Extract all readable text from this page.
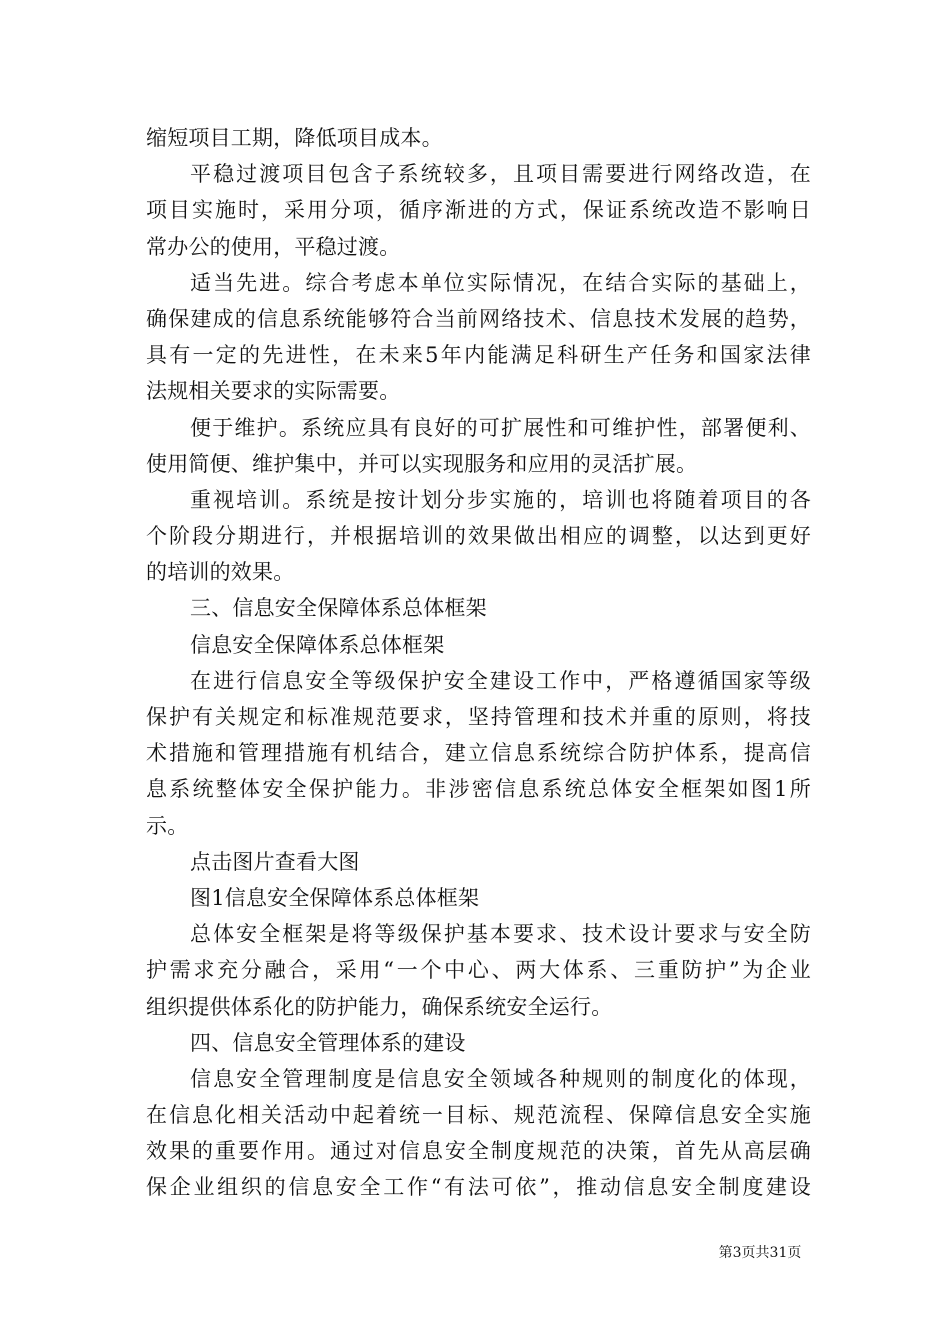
缩短项目工期，降低项目成本。
平稳过渡项目包含子系统较多，且项目需要进行网络改造，在
项目实施时，采用分项，循序渐进的方式，保证系统改造不影响日
常办公的使用，平稳过渡。
适当先进。综合考虑本单位实际情况，在结合实际的基础上，
确保建成的信息系统能够符合当前网络技术、信息技术发展的趋势，
具有一定的先进性，在未来5年内能满足科研生产任务和国家法律
法规相关要求的实际需要。
便于维护。系统应具有良好的可扩展性和可维护性，部署便利、
使用简便、维护集中，并可以实现服务和应用的灵活扩展。
重视培训。系统是按计划分步实施的，培训也将随着项目的各
个阶段分期进行，并根据培训的效果做出相应的调整，以达到更好
的培训的效果。
三、信息安全保障体系总体框架
信息安全保障体系总体框架
在进行信息安全等级保护安全建设工作中，严格遵循国家等级
保护有关规定和标准规范要求，坚持管理和技术并重的原则，将技
术措施和管理措施有机结合，建立信息系统综合防护体系，提高信
息系统整体安全保护能力。非涉密信息系统总体安全框架如图1所
示。
点击图片查看大图
图1信息安全保障体系总体框架
总体安全框架是将等级保护基本要求、技术设计要求与安全防
护需求充分融合，采用“一个中心、两大体系、三重防护”为企业
组织提供体系化的防护能力，确保系统安全运行。
四、信息安全管理体系的建设
信息安全管理制度是信息安全领域各种规则的制度化的体现，
在信息化相关活动中起着统一目标、规范流程、保障信息安全实施
效果的重要作用。通过对信息安全制度规范的决策，首先从高层确
保企业组织的信息安全工作“有法可依”，推动信息安全制度建设
第3页共31页
